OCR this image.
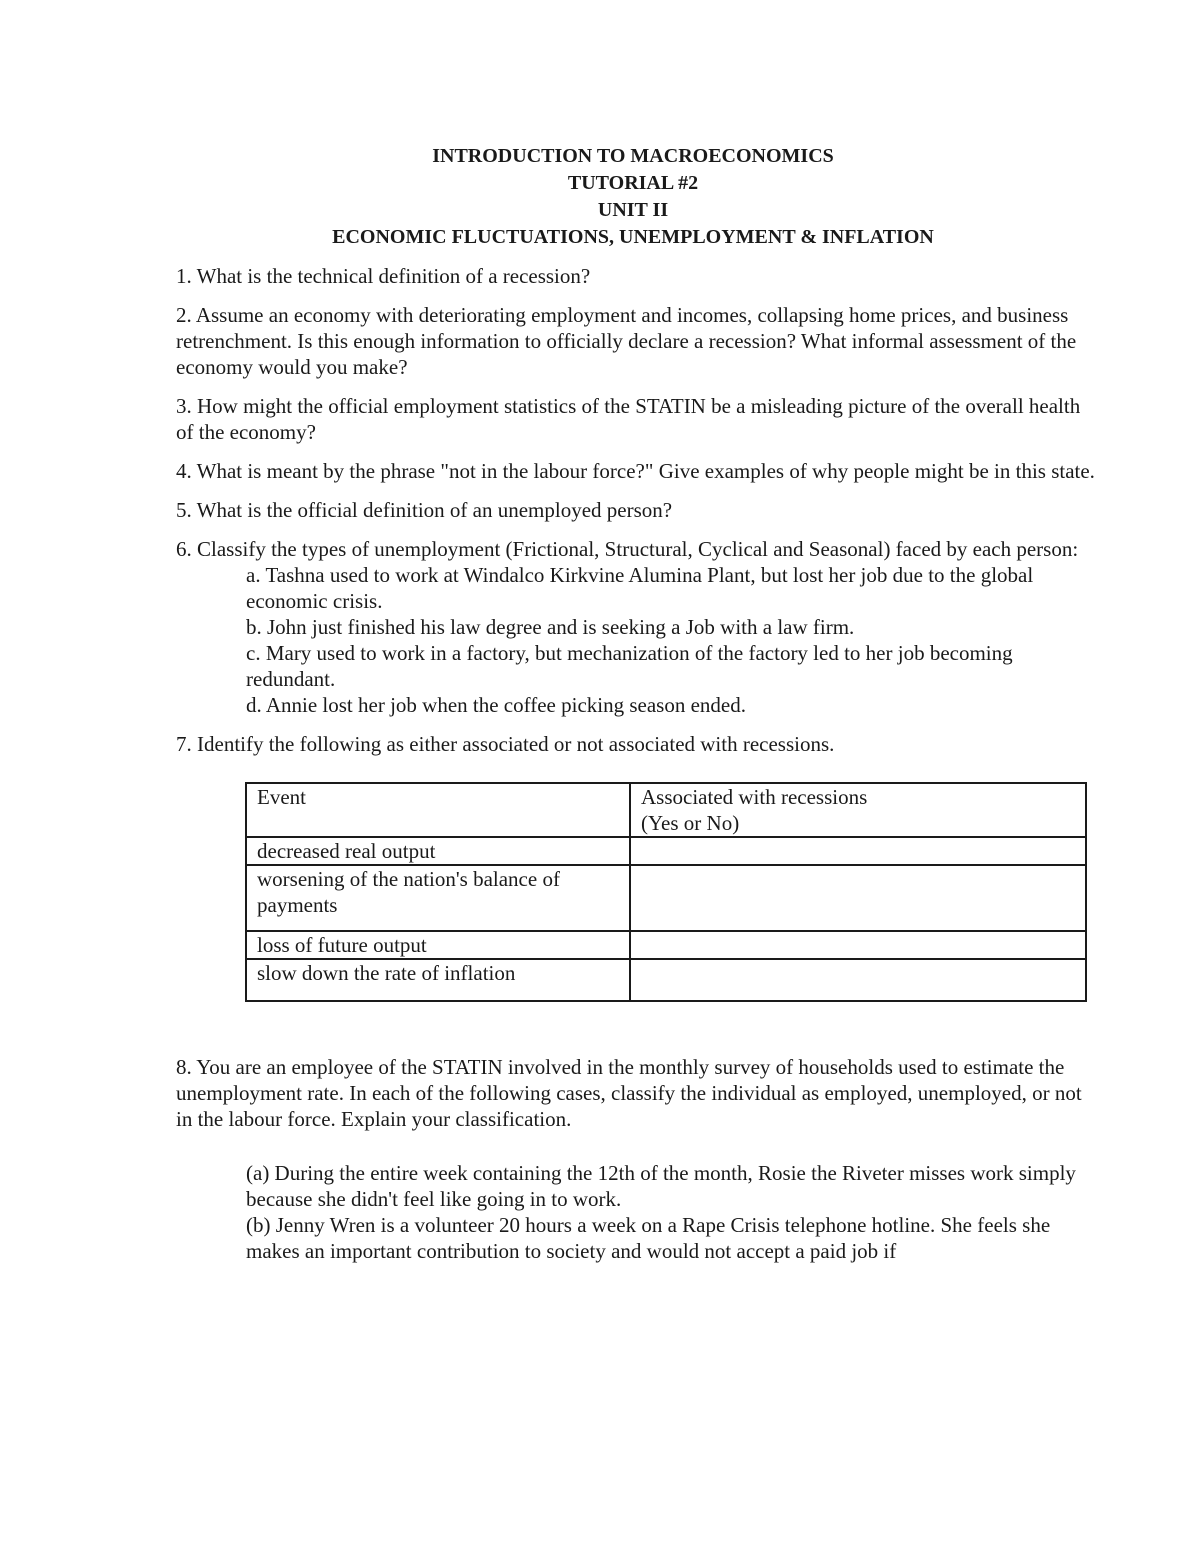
INTRODUCTION TO MACROECONOMICS
TUTORIAL #2
UNIT II
ECONOMIC FLUCTUATIONS, UNEMPLOYMENT & INFLATION

1. What is the technical definition of a recession?

2. Assume an economy with deteriorating employment and incomes, collapsing home prices, and business retrenchment. Is this enough information to officially declare a recession? What informal assessment of the economy would you make?

3. How might the official employment statistics of the STATIN be a misleading picture of the overall health of the economy?

4. What is meant by the phrase "not in the labour force?" Give examples of why people might be in this state.

5. What is the official definition of an unemployed person?

6. Classify the types of unemployment (Frictional, Structural, Cyclical and Seasonal) faced by each person:

a. Tashna used to work at Windalco Kirkvine Alumina Plant, but lost her job due to the global economic crisis.

b. John just finished his law degree and is seeking a Job with a law firm.

c. Mary used to work in a factory, but mechanization of the factory led to her job becoming redundant.

d. Annie lost her job when the coffee picking season ended.

7. Identify the following as either associated or not associated with recessions.

Event	Associated with recessions
(Yes or No)

decreased real output	
worsening of the nation's balance of payments	
loss of future output	
slow down the rate of inflation	

8. You are an employee of the STATIN involved in the monthly survey of households used to estimate the unemployment rate. In each of the following cases, classify the individual as employed, unemployed, or not in the labour force. Explain your classification.

(a) During the entire week containing the 12th of the month, Rosie the Riveter misses work simply because she didn't feel like going in to work.

(b) Jenny Wren is a volunteer 20 hours a week on a Rape Crisis telephone hotline. She feels she makes an important contribution to society and would not accept a paid job if
